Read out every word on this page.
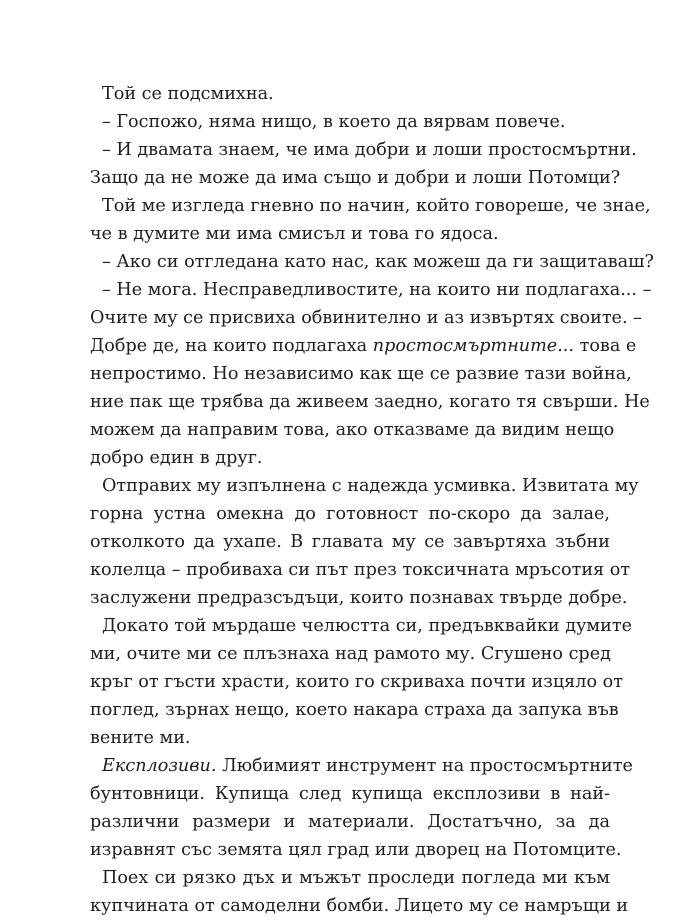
Той се подсмихна.
– Госпожо, няма нищо, в което да вярвам повече.
– И двамата знаем, че има добри и лоши простосмъртни.
Защо да не може да има също и добри и лоши Потомци?
Той ме изгледа гневно по начин, който говореше, че знае,
че в думите ми има смисъл и това го ядоса.
– Ако си отгледана като нас, как можеш да ги защитаваш?
– Не мога. Несправедливостите, на които ни подлагаха... –
Очите му се присвиха обвинително и аз извъртях своите. –
Добре де, на които подлагаха простосмъртните... това е
непростимо. Но независимо как ще се развие тази война,
ние пак ще трябва да живеем заедно, когато тя свърши. Не
можем да направим това, ако отказваме да видим нещо
добро един в друг.
Отправих му изпълнена с надежда усмивка. Извитата му
горна устна омекна до готовност по-скоро да залае,
отколкото да ухапе. В главата му се завъртяха зъбни
колелца – пробиваха си път през токсичната мръсотия от
заслужени предразсъдъци, които познавах твърде добре.
Докато той мърдаше челюстта си, предъвквайки думите
ми, очите ми се плъзнаха над рамото му. Сгушено сред
кръг от гъсти храсти, които го скриваха почти изцяло от
поглед, зърнах нещо, което накара страха да запука във
вените ми.
Експлозиви. Любимият инструмент на простосмъртните
бунтовници. Купища след купища експлозиви в най-
различни размери и материали. Достатъчно, за да
изравнят със земята цял град или дворец на Потомците.
Поех си рязко дъх и мъжът проследи погледа ми към
купчината от самоделни бомби. Лицето му се намръщи и
